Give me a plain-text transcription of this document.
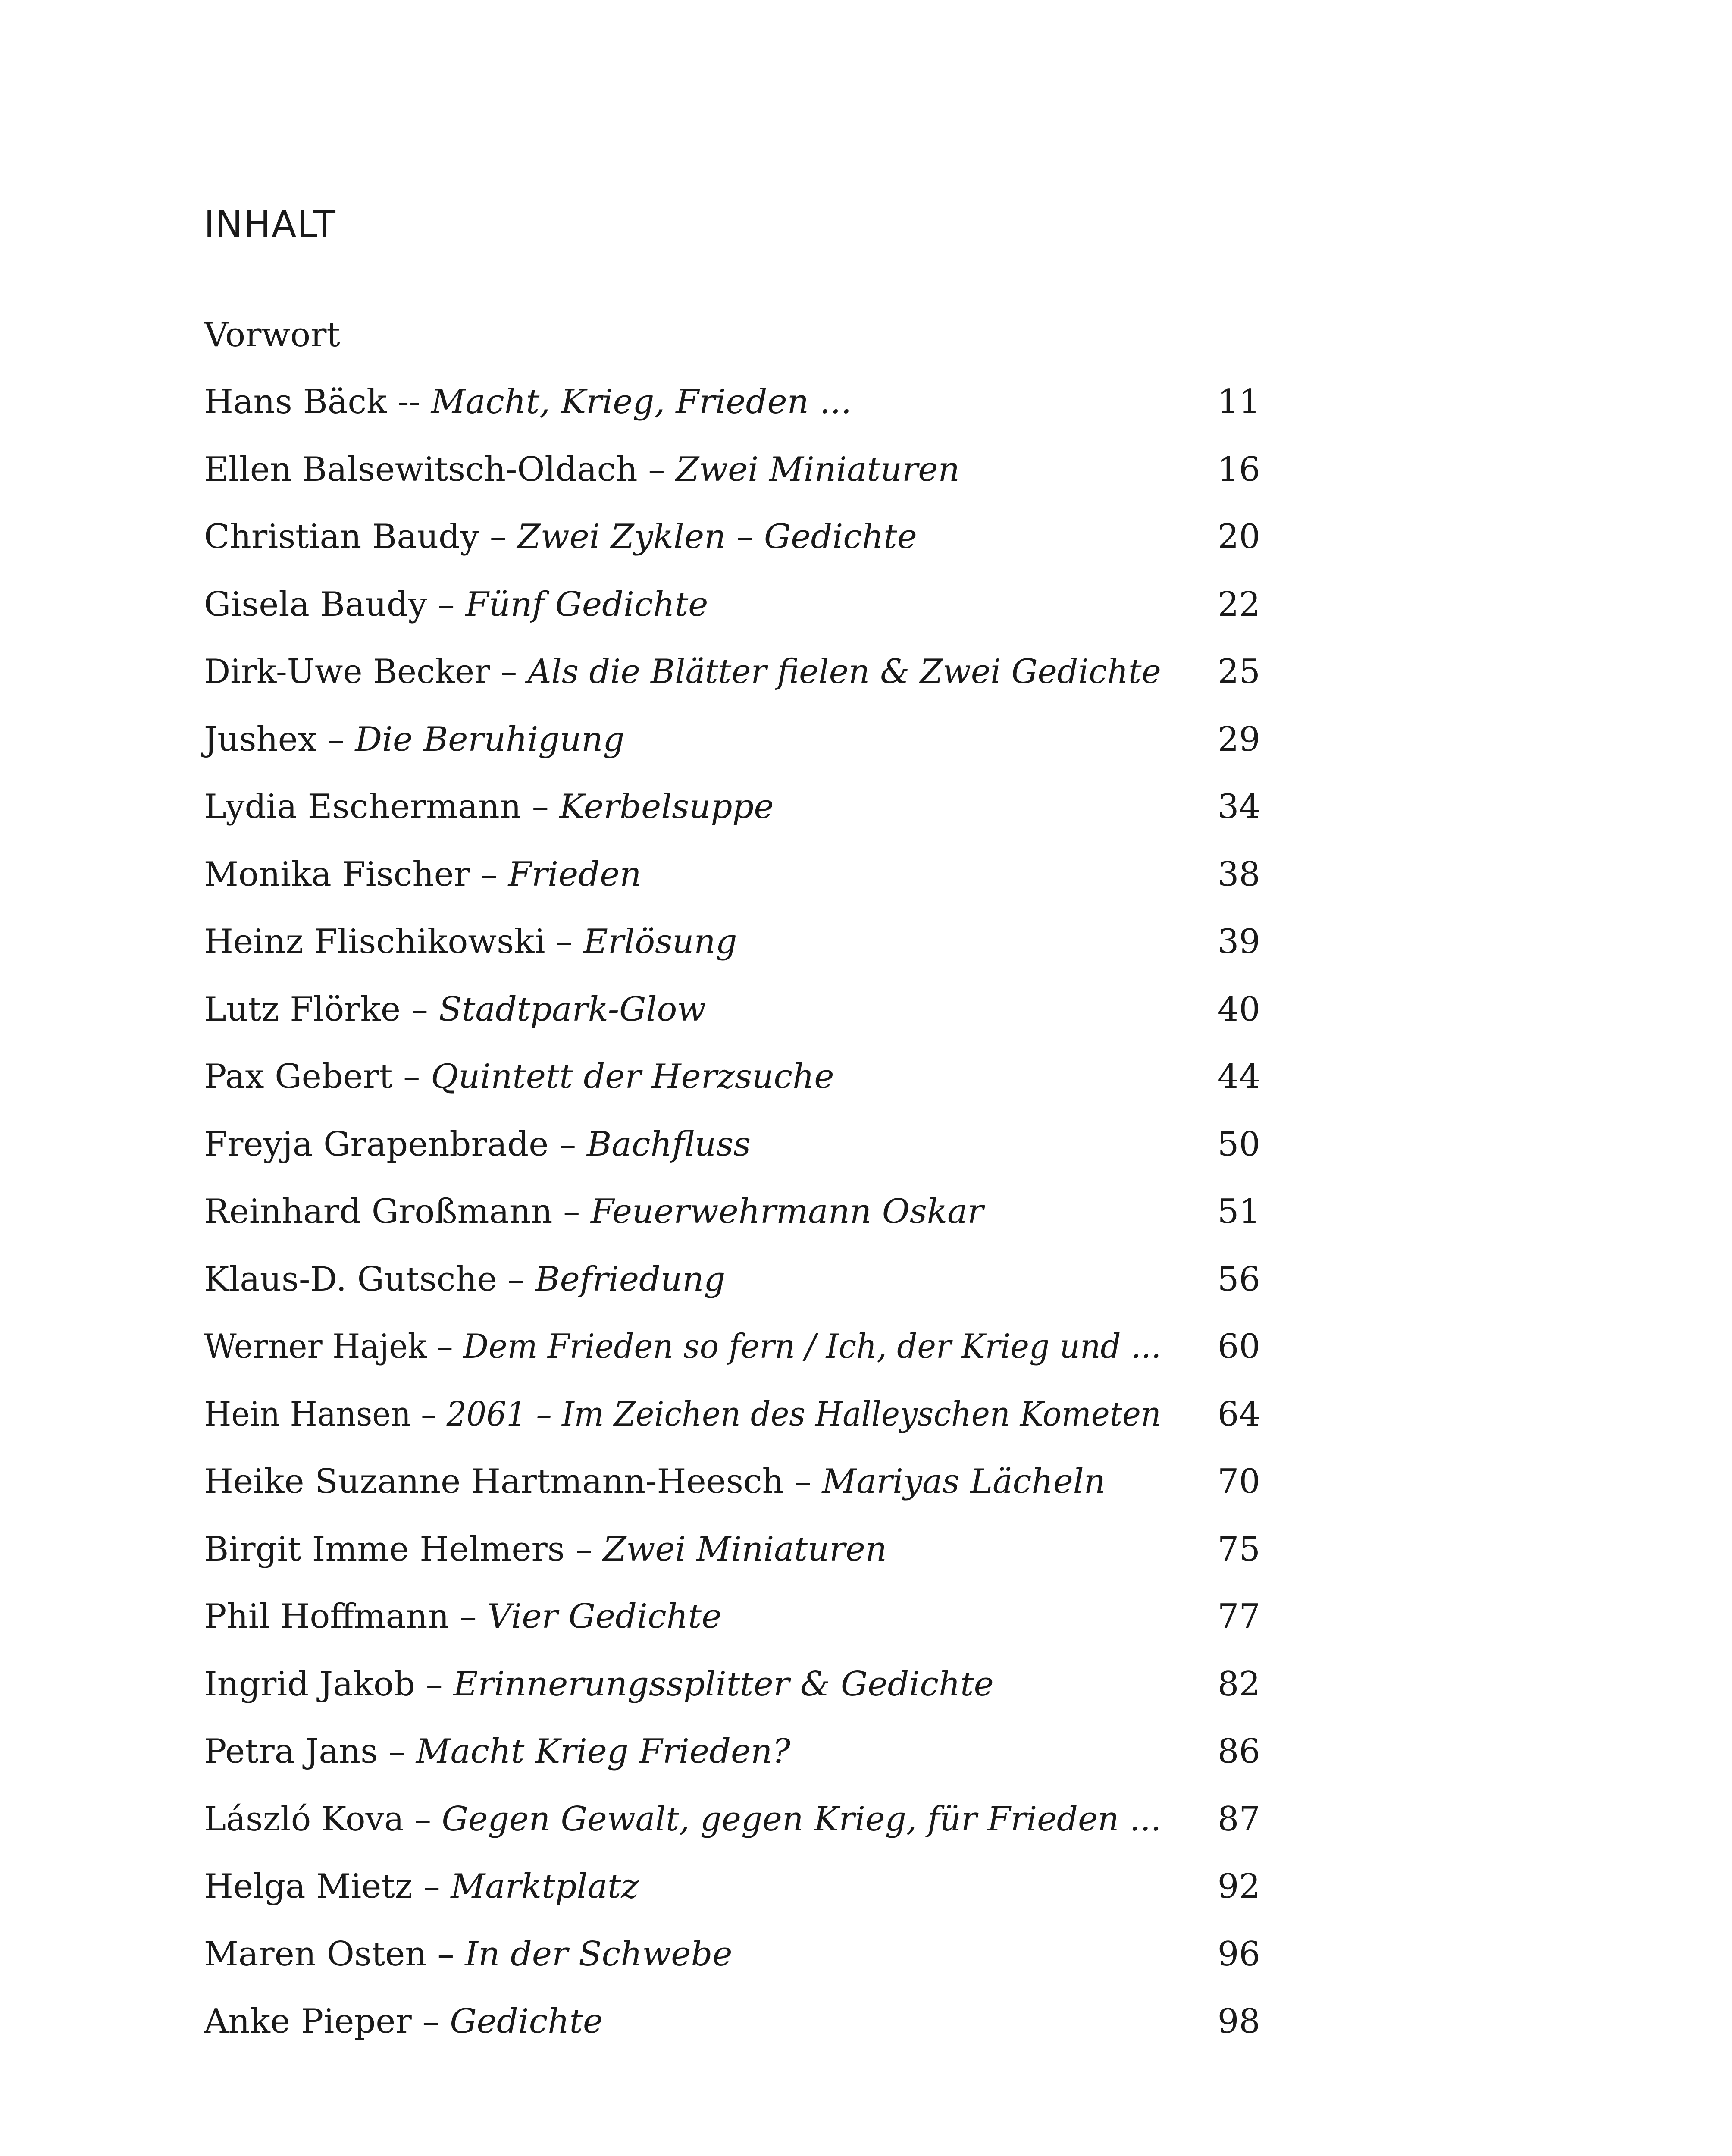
INHALT
Vorwort
Hans Bäck -- Macht, Krieg, Frieden ...	11
Ellen Balsewitsch-Oldach – Zwei Miniaturen	16
Christian Baudy – Zwei Zyklen – Gedichte	20
Gisela Baudy – Fünf Gedichte	22
Dirk-Uwe Becker – Als die Blätter fielen & Zwei Gedichte 25
Jushex – Die Beruhigung	29
Lydia Eschermann – Kerbelsuppe	34
Monika Fischer – Frieden	38
Heinz Flischikowski – Erlösung	39
Lutz Flörke – Stadtpark-Glow	40
Pax Gebert – Quintett der Herzsuche	44
Freyja Grapenbrade – Bachfluss	50
Reinhard Großmann – Feuerwehrmann Oskar	51
Klaus-D. Gutsche – Befriedung	56
Werner Hajek – Dem Frieden so fern / Ich, der Krieg und ... 60
Hein Hansen – 2061 – Im Zeichen des Halleyschen Kometen 64
Heike Suzanne Hartmann-Heesch – Mariyas Lächeln	70
Birgit Imme Helmers – Zwei Miniaturen	75
Phil Hoffmann – Vier Gedichte	77
Ingrid Jakob – Erinnerungssplitter & Gedichte	82
Petra Jans – Macht Krieg Frieden?	86
László Kova – Gegen Gewalt, gegen Krieg, für Frieden ... 87
Helga Mietz – Marktplatz	92
Maren Osten – In der Schwebe	96
Anke Pieper – Gedichte	98
